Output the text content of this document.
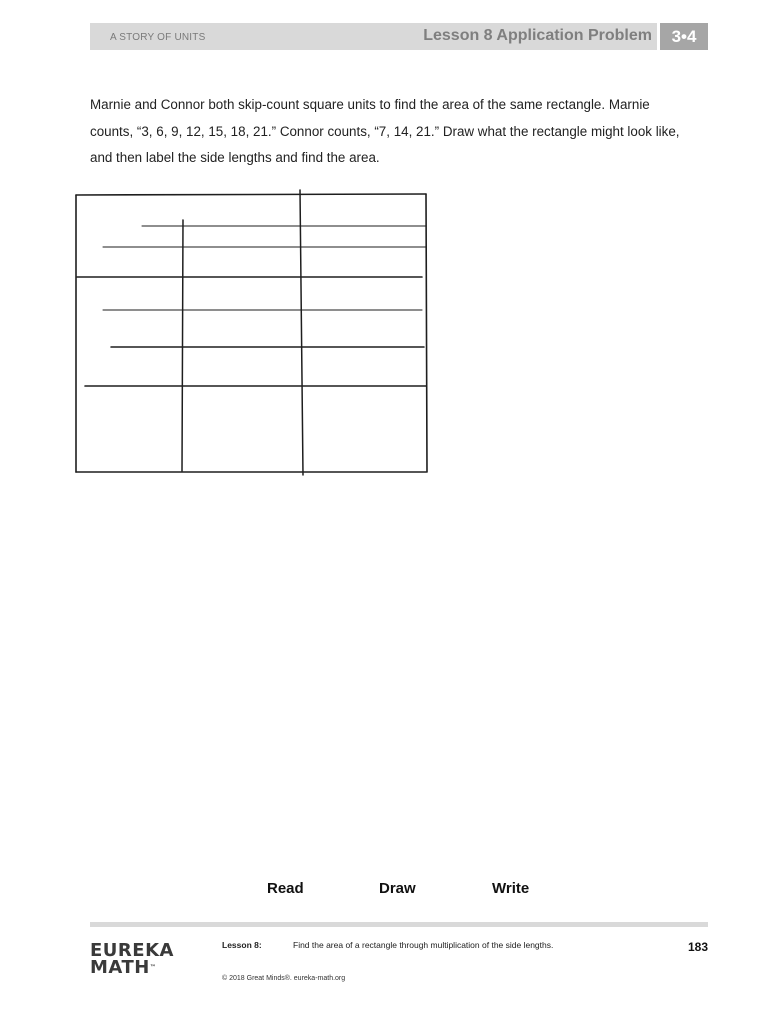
A STORY OF UNITS	Lesson 8 Application Problem	3•4
Marnie and Connor both skip-count square units to find the area of the same rectangle. Marnie counts, “3, 6, 9, 12, 15, 18, 21.” Connor counts, “7, 14, 21.” Draw what the rectangle might look like, and then label the side lengths and find the area.
Read	Draw	Write
EUREKA
MATH™
Lesson 8:	Find the area of a rectangle through multiplication of the side lengths.	183
© 2018 Great Minds®. eureka-math.org
